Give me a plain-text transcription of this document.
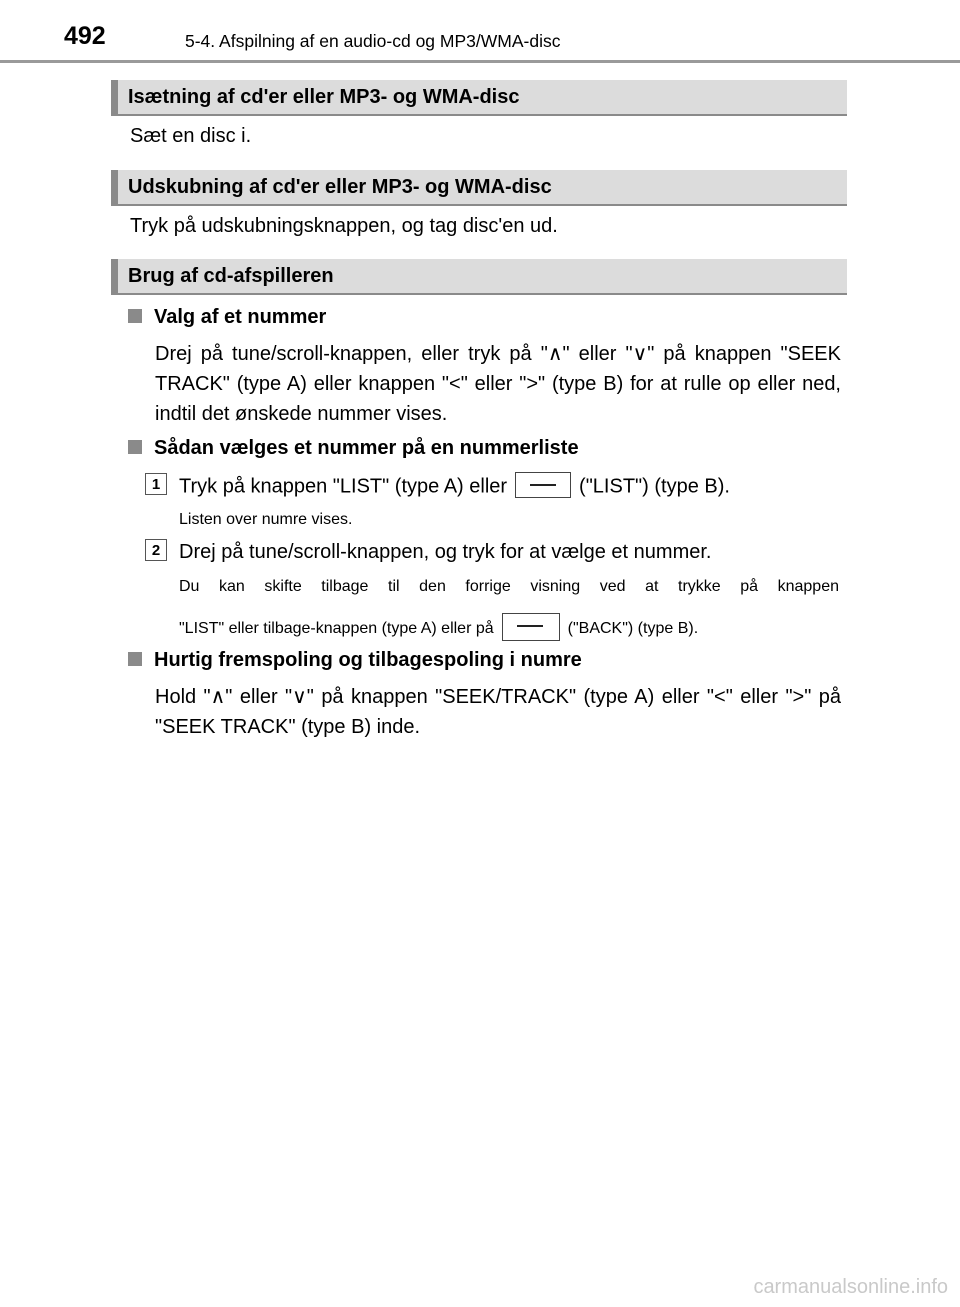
492	5-4. Afspilning af en audio-cd og MP3/WMA-disc
Isætning af cd'er eller MP3- og WMA-disc
Sæt en disc i.
Udskubning af cd'er eller MP3- og WMA-disc
Tryk på udskubningsknappen, og tag disc'en ud.
Brug af cd-afspilleren
Valg af et nummer
Drej på tune/scroll-knappen, eller tryk på "∧" eller "∨" på knappen "SEEK TRACK" (type A) eller knappen "<" eller ">" (type B) for at rulle op eller ned, indtil det ønskede nummer vises.
Sådan vælges et nummer på en nummerliste
1 Tryk på knappen "LIST" (type A) eller	("LIST") (type B).
Listen over numre vises.
2 Drej på tune/scroll-knappen, og tryk for at vælge et nummer.
Du kan skifte tilbage til den forrige visning ved at trykke på knappen
"LIST" eller tilbage-knappen (type A) eller på	("BACK") (type B).
Hurtig fremspoling og tilbagespoling i numre
Hold "∧" eller "∨" på knappen "SEEK/TRACK" (type A) eller "<" eller ">" på "SEEK TRACK" (type B) inde.
carmanualsonline.info
